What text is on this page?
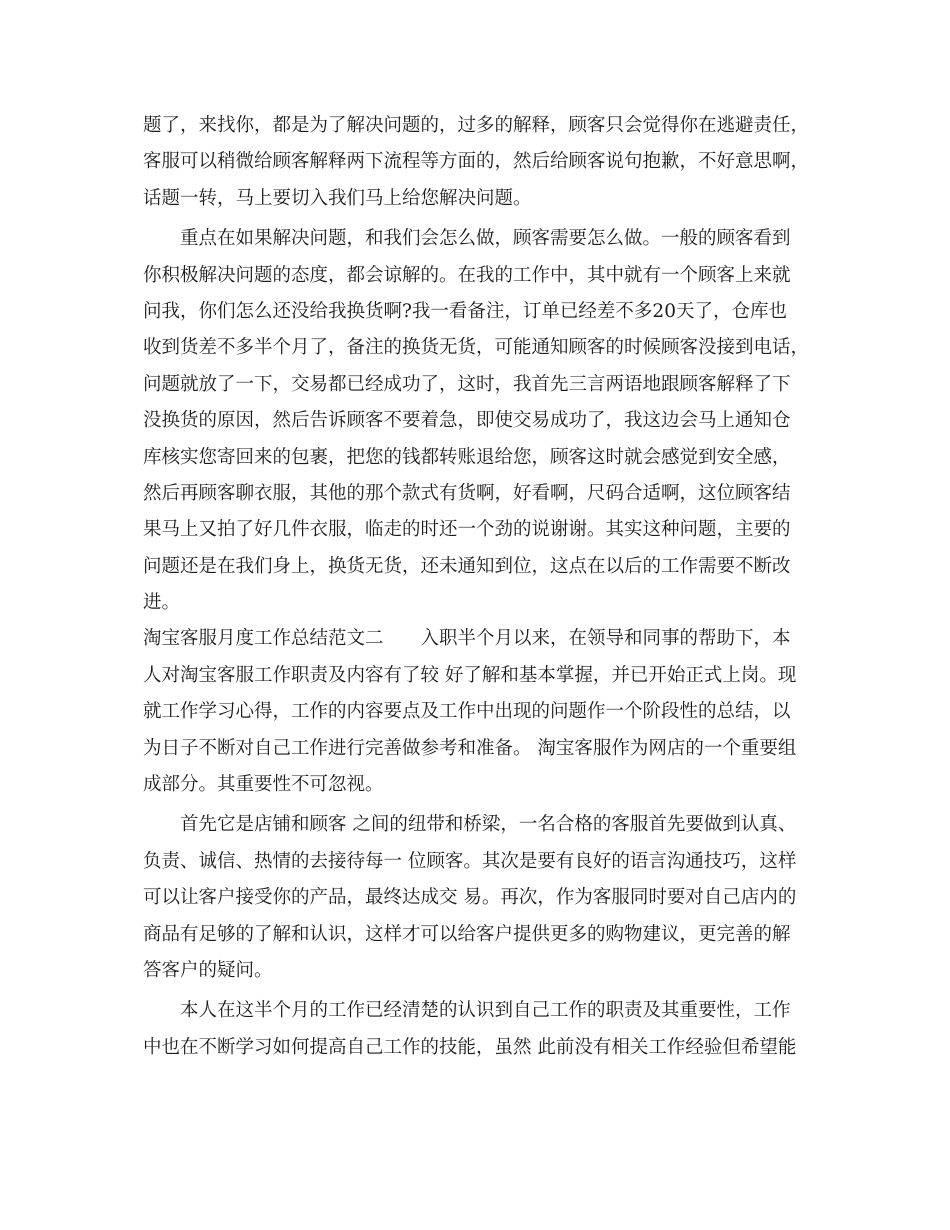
题了，来找你，都是为了解决问题的，过多的解释，顾客只会觉得你在逃避责任，

客服可以稍微给顾客解释两下流程等方面的，然后给顾客说句抱歉，不好意思啊，

话题一转，马上要切入我们马上给您解决问题。

　　重点在如果解决问题，和我们会怎么做，顾客需要怎么做。一般的顾客看到

你积极解决问题的态度，都会谅解的。在我的工作中，其中就有一个顾客上来就

问我，你们怎么还没给我换货啊?我一看备注，订单已经差不多20天了，仓库也

收到货差不多半个月了，备注的换货无货，可能通知顾客的时候顾客没接到电话，

问题就放了一下，交易都已经成功了，这时，我首先三言两语地跟顾客解释了下

没换货的原因，然后告诉顾客不要着急，即使交易成功了，我这边会马上通知仓

库核实您寄回来的包裹，把您的钱都转账退给您，顾客这时就会感觉到安全感，

然后再顾客聊衣服，其他的那个款式有货啊，好看啊，尺码合适啊，这位顾客结

果马上又拍了好几件衣服，临走的时还一个劲的说谢谢。其实这种问题，主要的

问题还是在我们身上，换货无货，还未通知到位，这点在以后的工作需要不断改

进。

淘宝客服月度工作总结范文二　　入职半个月以来，在领导和同事的帮助下，本

人对淘宝客服工作职责及内容有了较 好了解和基本掌握，并已开始正式上岗。现

就工作学习心得，工作的内容要点及工作中出现的问题作一个阶段性的总结，以

为日子不断对自己工作进行完善做参考和准备。 淘宝客服作为网店的一个重要组

成部分。其重要性不可忽视。

　　首先它是店铺和顾客 之间的纽带和桥梁，一名合格的客服首先要做到认真、

负责、诚信、热情的去接待每一 位顾客。其次是要有良好的语言沟通技巧，这样

可以让客户接受你的产品，最终达成交 易。再次，作为客服同时要对自己店内的

商品有足够的了解和认识，这样才可以给客户提供更多的购物建议，更完善的解

答客户的疑问。

　　本人在这半个月的工作已经清楚的认识到自己工作的职责及其重要性，工作

中也在不断学习如何提高自己工作的技能，虽然 此前没有相关工作经验但希望能
